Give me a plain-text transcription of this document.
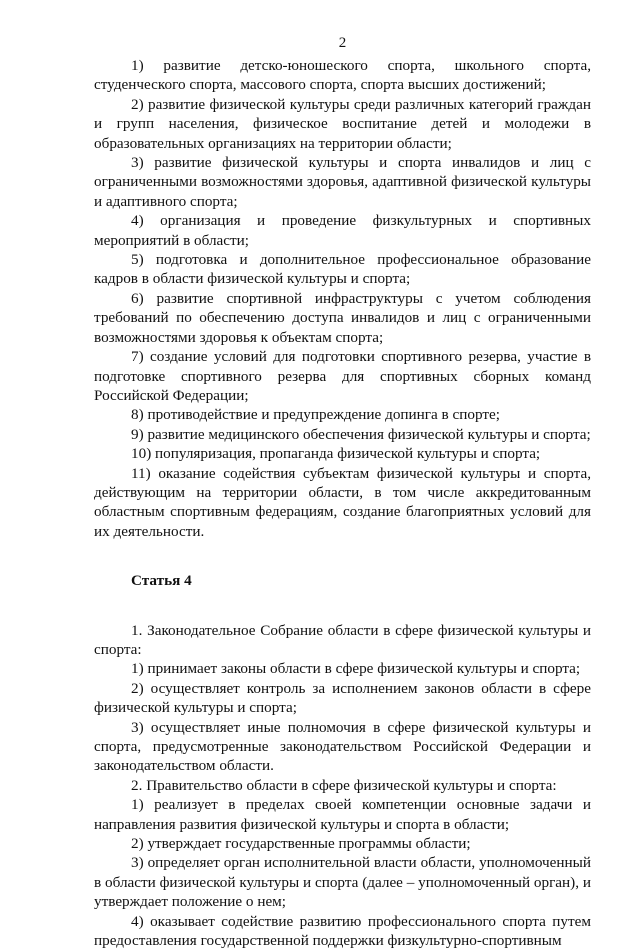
2

1) развитие детско-юношеского спорта, школьного спорта, студенческого спорта, массового спорта, спорта высших достижений;

2) развитие физической культуры среди различных категорий граждан и групп населения, физическое воспитание детей и молодежи в образовательных организациях на территории области;

3) развитие физической культуры и спорта инвалидов и лиц с ограниченными возможностями здоровья, адаптивной физической культуры и адаптивного спорта;

4) организация и проведение физкультурных и спортивных мероприятий в области;

5) подготовка и дополнительное профессиональное образование кадров в области физической культуры и спорта;

6) развитие спортивной инфраструктуры с учетом соблюдения требований по обеспечению доступа инвалидов и лиц с ограниченными возможностями здоровья к объектам спорта;

7) создание условий для подготовки спортивного резерва, участие в подготовке спортивного резерва для спортивных сборных команд Российской Федерации;

8) противодействие и предупреждение допинга в спорте;

9) развитие медицинского обеспечения физической культуры и спорта;

10) популяризация, пропаганда физической культуры и спорта;

11) оказание содействия субъектам физической культуры и спорта, действующим на территории области, в том числе аккредитованным областным спортивным федерациям, создание благоприятных условий для их деятельности.

Статья 4

1. Законодательное Собрание области в сфере физической культуры и спорта:

1) принимает законы области в сфере физической культуры и спорта;

2) осуществляет контроль за исполнением законов области в сфере физической культуры и спорта;

3) осуществляет иные полномочия в сфере физической культуры и спорта, предусмотренные законодательством Российской Федерации и законодательством области.

2. Правительство области в сфере физической культуры и спорта:

1) реализует в пределах своей компетенции основные задачи и направления развития физической культуры и спорта в области;

2) утверждает государственные программы области;

3) определяет орган исполнительной власти области, уполномоченный в области физической культуры и спорта (далее – уполномоченный орган), и утверждает положение о нем;

4) оказывает содействие развитию профессионального спорта путем предоставления государственной поддержки физкультурно-спортивным
